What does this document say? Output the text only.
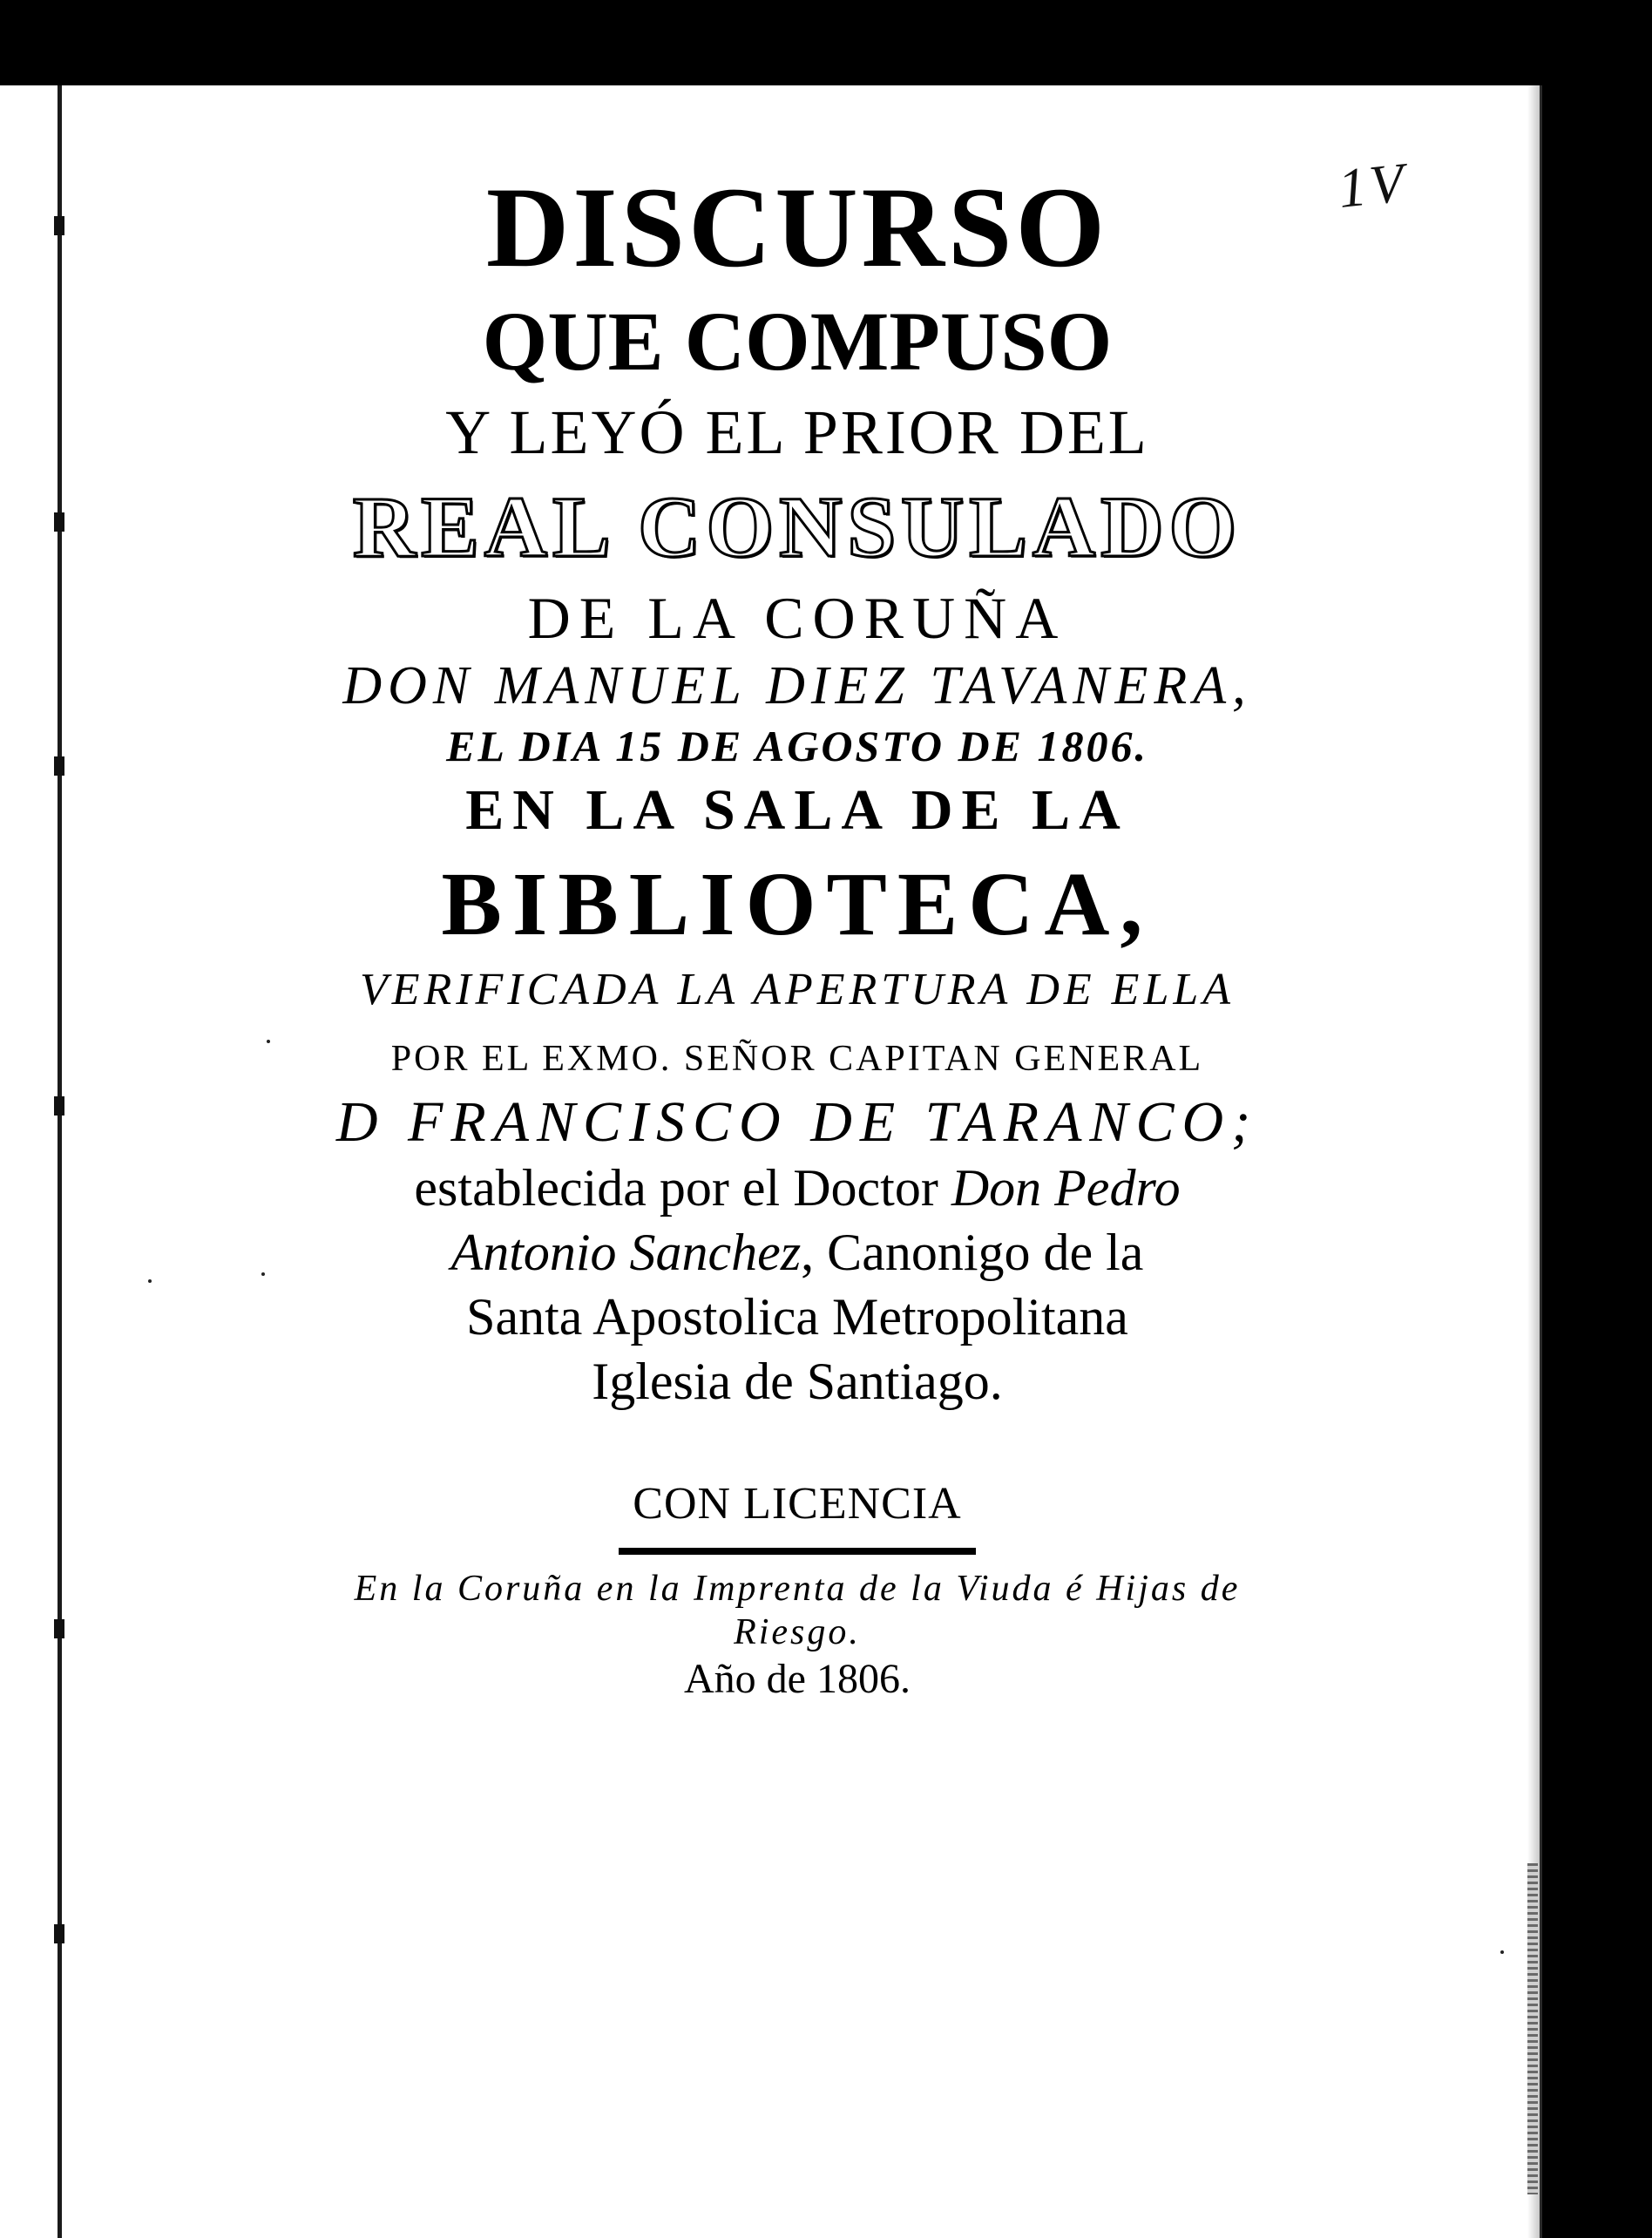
1V
DISCURSO
QUE COMPUSO
Y LEYÓ EL PRIOR DEL
REAL CONSULADO
DE LA CORUÑA
DON MANUEL DIEZ TAVANERA,
EL DIA 15 DE AGOSTO DE 1806.
EN LA SALA DE LA
BIBLIOTECA,
VERIFICADA LA APERTURA DE ELLA
POR EL EXMO. SEÑOR CAPITAN GENERAL
D FRANCISCO DE TARANCO;
establecida por el Doctor Don Pedro
Antonio Sanchez, Canonigo de la
Santa Apostolica Metropolitana
Iglesia de Santiago.
CON LICENCIA
En la Coruña en la Imprenta de la Viuda é Hijas de
Riesgo.
Año de 1806.
